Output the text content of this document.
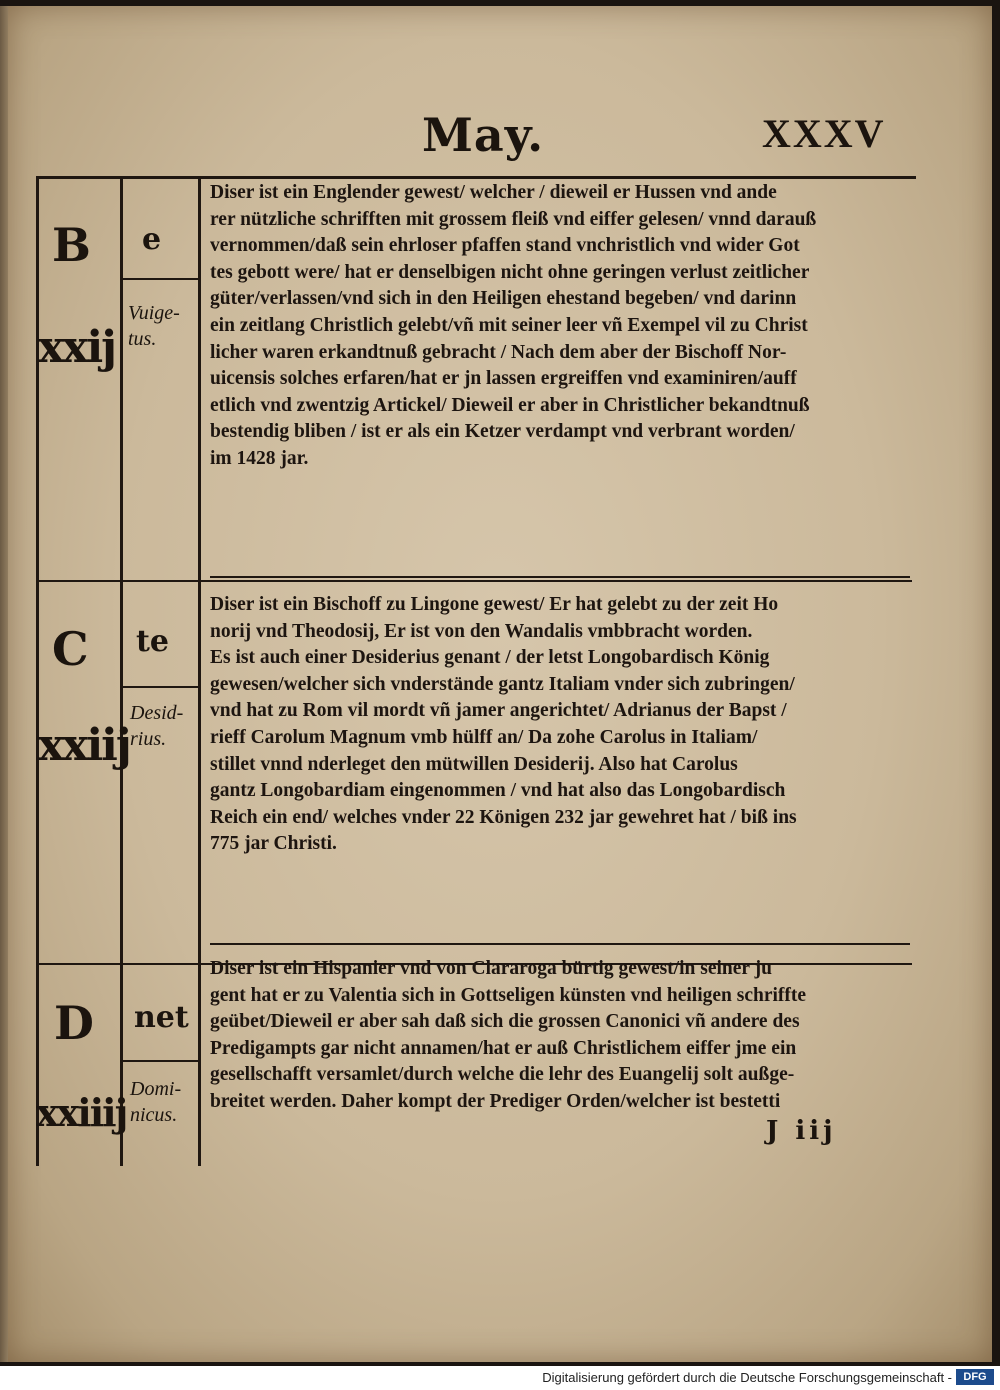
May.	XXXV
B
xxij
e
Vuige-
tus.

Diser ist ein Englender gewest/ welcher / dieweil er Hussen vnd ande

rer nützliche schrifften mit grossem fleiß vnd eiffer gelesen/ vnnd darauß

vernommen/daß sein ehrloser pfaffen stand vnchristlich vnd wider Got

tes gebott were/ hat er denselbigen nicht ohne geringen verlust zeitlicher

güter/verlassen/vnd sich in den Heiligen ehestand begeben/ vnd darinn

ein zeitlang Christlich gelebt/vñ mit seiner leer vñ Exempel vil zu Christ

licher waren erkandtnuß gebracht / Nach dem aber der Bischoff Nor-

uicensis solches erfaren/hat er jn lassen ergreiffen vnd examiniren/auff

etlich vnd zwentzig Artickel/ Dieweil er aber in Christlicher bekandtnuß

bestendig bliben / ist er als ein Ketzer verdampt vnd verbrant worden/

im 1428 jar.

C
xxiij
te
Desid-
rius.

Diser ist ein Bischoff zu Lingone gewest/ Er hat gelebt zu der zeit Ho

norij vnd Theodosij, Er ist von den Wandalis vmbbracht worden.

Es ist auch einer Desiderius genant / der letst Longobardisch König

gewesen/welcher sich vnderstände gantz Italiam vnder sich zubringen/

vnd hat zu Rom vil mordt vñ jamer angerichtet/ Adrianus der Bapst /

rieff Carolum Magnum vmb hülff an/ Da zohe Carolus in Italiam/

stillet vnnd nderleget den mütwillen Desiderij. Also hat Carolus

gantz Longobardiam eingenommen / vnd hat also das Longobardisch

Reich ein end/ welches vnder 22 Königen 232 jar gewehret hat / biß ins

775 jar Christi.

D
xxiiij
net
Domi-
nicus.

Diser ist ein Hispanier vnd von Clararoga bürtig gewest/in seiner ju

gent hat er zu Valentia sich in Gottseligen künsten vnd heiligen schriffte

geübet/Dieweil er aber sah daß sich die grossen Canonici vñ andere des

Predigampts gar nicht annamen/hat er auß Christlichem eiffer jme ein

gesellschafft versamlet/durch welche die lehr des Euangelij solt außge-

breitet werden. Daher kompt der Prediger Orden/welcher ist bestetti

J iij
Digitalisierung gefördert durch die Deutsche Forschungsgemeinschaft -	DFG
